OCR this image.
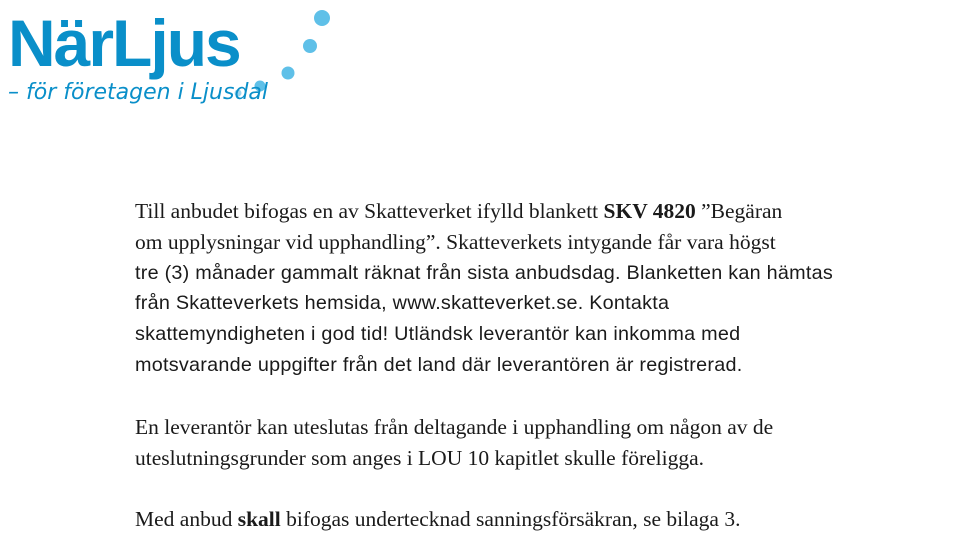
NärLjus
– för företagen i Ljusdal

Till anbudet bifogas en av Skatteverket ifylld blankett SKV 4820 ”Begäran
om upplysningar vid upphandling”. Skatteverkets intygande får vara högst
tre (3) månader gammalt räknat från sista anbudsdag. Blanketten kan hämtas
från Skatteverkets hemsida, www.skatteverket.se. Kontakta
skattemyndigheten i god tid! Utländsk leverantör kan inkomma med
motsvarande uppgifter från det land där leverantören är registrerad.

En leverantör kan uteslutas från deltagande i upphandling om någon av de
uteslutningsgrunder som anges i LOU 10 kapitlet skulle föreligga.

Med anbud skall bifogas undertecknad sanningsförsäkran, se bilaga 3.
